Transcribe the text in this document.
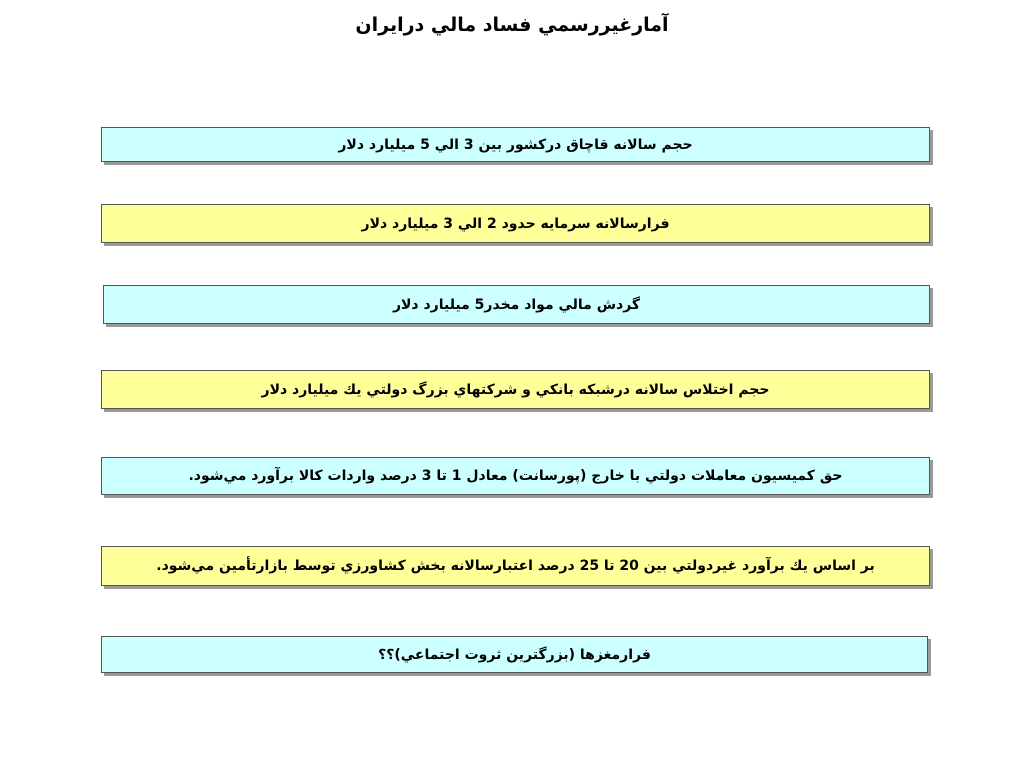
آمارغيررسمي فساد مالي درايران
حجم سالانه قاچاق دركشور بين 3 الي 5 ميليارد دلار
فرارسالانه سرمايه حدود 2 الي 3 ميليارد دلار
گردش مالي مواد مخدر5 ميليارد دلار
حجم اختلاس سالانه درشبكه بانكي و شركتهاي بزرگ دولتي يك ميليارد دلار
حق كميسيون معاملات دولتي با خارج (پورسانت) معادل 1 تا 3 درصد واردات كالا برآورد مي‌شود.
بر اساس يك برآورد غيردولتي بين 20 تا 25 درصد اعتبارسالانه بخش كشاورزي توسط بازارتأمين مي‌شود.
فرارمغزها (بزرگترين ثروت اجتماعي)؟؟
